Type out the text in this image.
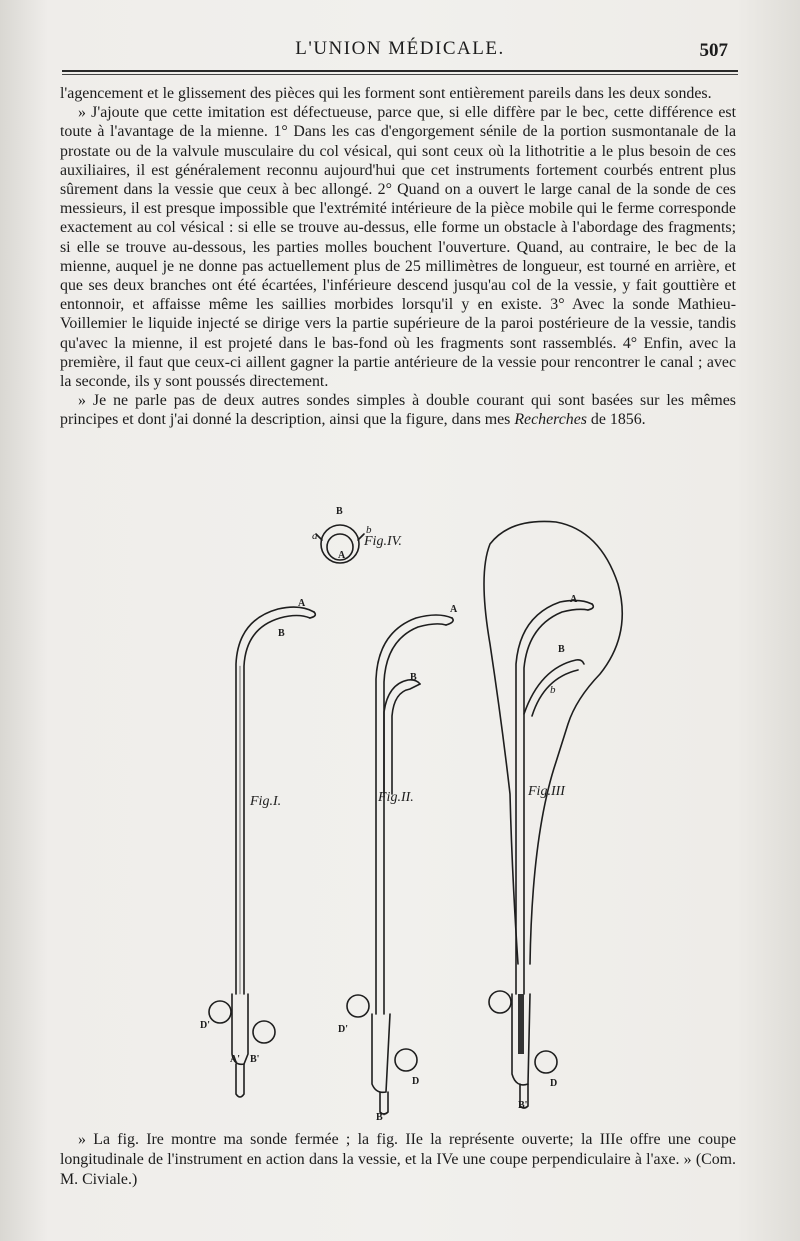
L'UNION MÉDICALE.	507

l'agencement et le glissement des pièces qui les forment sont entièrement pareils dans les deux sondes.

» J'ajoute que cette imitation est défectueuse, parce que, si elle diffère par le bec, cette différence est toute à l'avantage de la mienne. 1° Dans les cas d'engorgement sénile de la portion susmontanale de la prostate ou de la valvule musculaire du col vésical, qui sont ceux où la lithotritie a le plus besoin de ces auxiliaires, il est généralement reconnu aujourd'hui que cet instruments fortement courbés entrent plus sûrement dans la vessie que ceux à bec allongé. 2° Quand on a ouvert le large canal de la sonde de ces messieurs, il est presque impossible que l'extrémité intérieure de la pièce mobile qui le ferme corresponde exactement au col vésical : si elle se trouve au-dessus, elle forme un obstacle à l'abordage des fragments; si elle se trouve au-dessous, les parties molles bouchent l'ouverture. Quand, au contraire, le bec de la mienne, auquel je ne donne pas actuellement plus de 25 millimètres de longueur, est tourné en arrière, et que ses deux branches ont été écartées, l'inférieure descend jusqu'au col de la vessie, y fait gouttière et entonnoir, et affaisse même les saillies morbides lorsqu'il y en existe. 3° Avec la sonde Mathieu-Voillemier le liquide injecté se dirige vers la partie supérieure de la paroi postérieure de la vessie, tandis qu'avec la mienne, il est projeté dans le bas-fond où les fragments sont rassemblés. 4° Enfin, avec la première, il faut que ceux-ci aillent gagner la partie antérieure de la vessie pour rencontrer le canal ; avec la seconde, ils y sont poussés directement.

» Je ne parle pas de deux autres sondes simples à double courant qui sont basées sur les mêmes principes et dont j'ai donné la description, ainsi que la figure, dans mes Recherches de 1856.

Fig.IV.
Fig.I.	Fig.II.	Fig.III
B
A
a	b
A
B
D'
A' B'
A
B
D'
D
B'
A
B
b
D
B'
» La fig. Ire montre ma sonde fermée ; la fig. IIe la représente ouverte; la IIIe offre une coupe longitudinale de l'instrument en action dans la vessie, et la IVe une coupe perpendiculaire à l'axe. » (Com. M. Civiale.)
